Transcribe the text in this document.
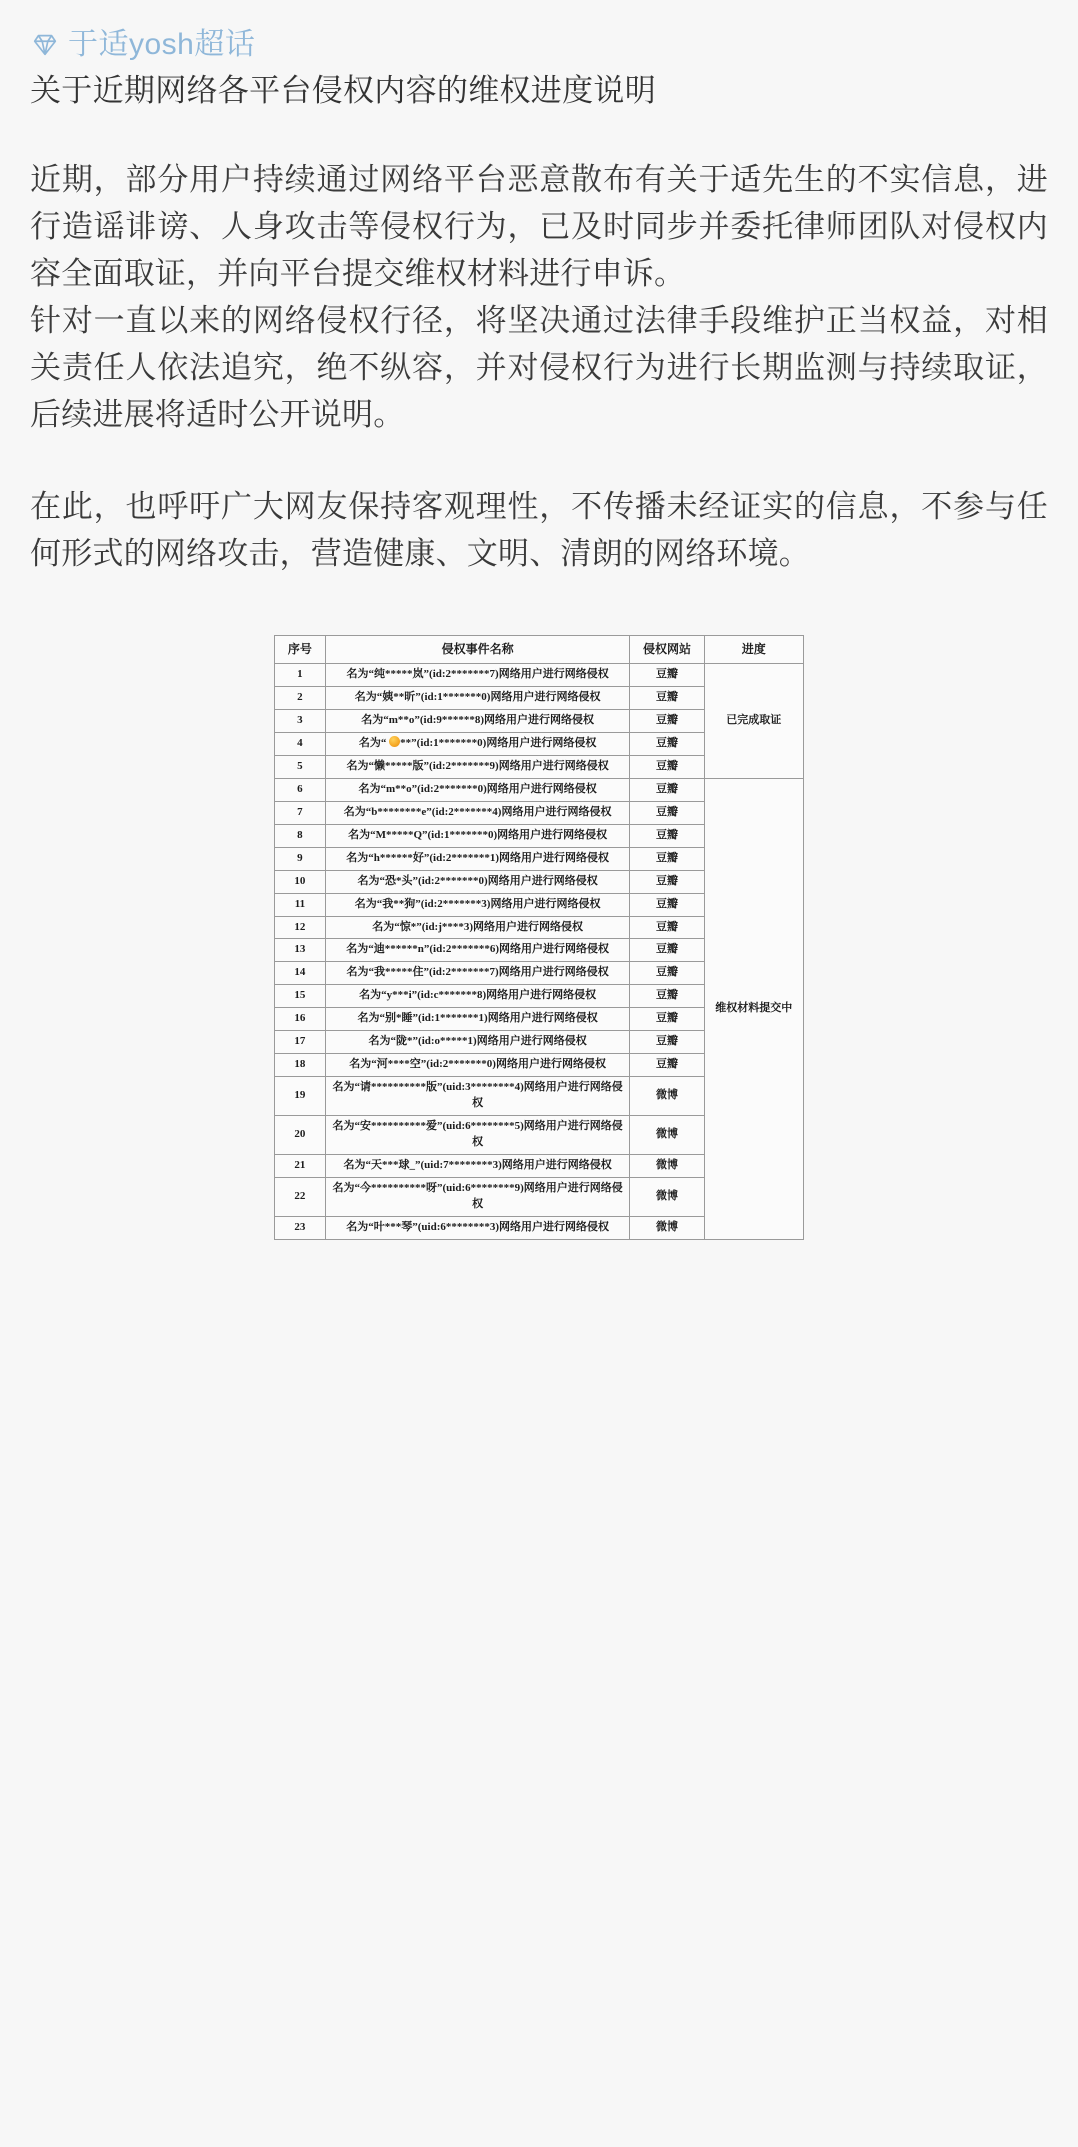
于适yosh超话
关于近期网络各平台侵权内容的维权进度说明

近期，部分用户持续通过网络平台恶意散布有关于适先生的不实信息，进行造谣诽谤、人身攻击等侵权行为，已及时同步并委托律师团队对侵权内容全面取证，并向平台提交维权材料进行申诉。

针对一直以来的网络侵权行径，将坚决通过法律手段维护正当权益，对相关责任人依法追究，绝不纵容，并对侵权行为进行长期监测与持续取证，后续进展将适时公开说明。

在此，也呼吁广大网友保持客观理性，不传播未经证实的信息，不参与任何形式的网络攻击，营造健康、文明、清朗的网络环境。

序号	侵权事件名称	侵权网站	进度
1	名为“纯*****岚”(id:2*******7)网络用户进行网络侵权	豆瓣	已完成取证
2	名为“姨**昕”(id:1*******0)网络用户进行网络侵权	豆瓣	
3	名为“m**o”(id:9******8)网络用户进行网络侵权	豆瓣	
4	名为“ **”(id:1*******0)网络用户进行网络侵权	豆瓣	
5	名为“懒*****版”(id:2*******9)网络用户进行网络侵权	豆瓣	
6	名为“m**o”(id:2*******0)网络用户进行网络侵权	豆瓣	维权材料提交中
7	名为“b********e”(id:2*******4)网络用户进行网络侵权	豆瓣	
8	名为“M*****Q”(id:1*******0)网络用户进行网络侵权	豆瓣	
9	名为“h******好”(id:2*******1)网络用户进行网络侵权	豆瓣	
10	名为“恐*头”(id:2*******0)网络用户进行网络侵权	豆瓣	
11	名为“我**狗”(id:2*******3)网络用户进行网络侵权	豆瓣	
12	名为“惊*”(id:j****3)网络用户进行网络侵权	豆瓣	
13	名为“迪******n”(id:2*******6)网络用户进行网络侵权	豆瓣	
14	名为“我*****住”(id:2*******7)网络用户进行网络侵权	豆瓣	
15	名为“y***i”(id:c*******8)网络用户进行网络侵权	豆瓣	
16	名为“别*睡”(id:1*******1)网络用户进行网络侵权	豆瓣	
17	名为“陇*”(id:o*****1)网络用户进行网络侵权	豆瓣	
18	名为“河****空”(id:2*******0)网络用户进行网络侵权	豆瓣	
19	名为“请**********版”(uid:3********4)网络用户进行网络侵权	微博	
20	名为“安**********爱”(uid:6********5)网络用户进行网络侵权	微博	
21	名为“天***球_”(uid:7********3)网络用户进行网络侵权	微博	
22	名为“今**********呀”(uid:6********9)网络用户进行网络侵权	微博	
23	名为“叶***琴”(uid:6********3)网络用户进行网络侵权	微博	
